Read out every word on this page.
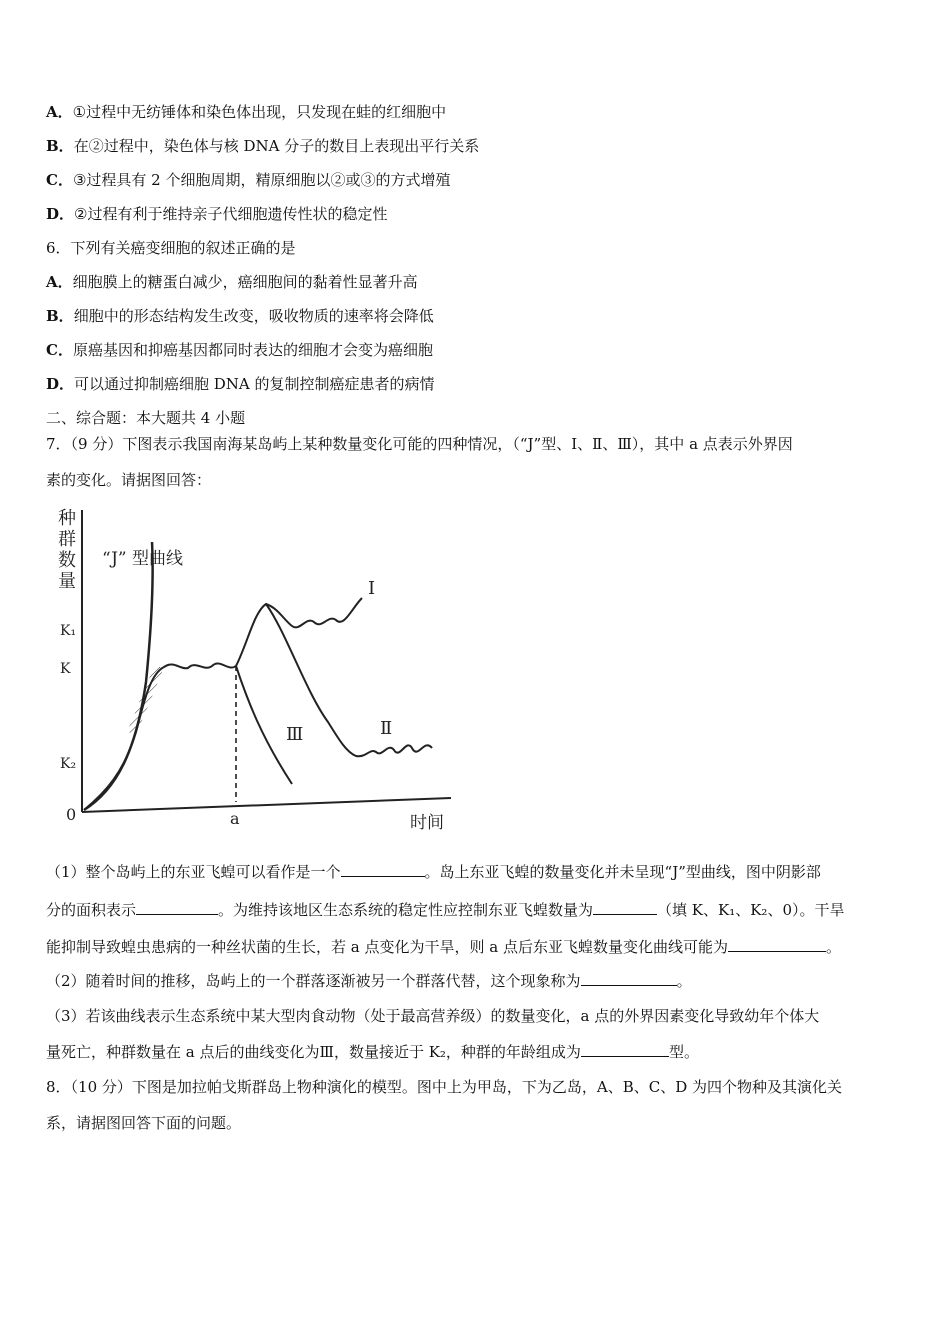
A．①过程中无纺锤体和染色体出现，只发现在蛙的红细胞中
B．在②过程中，染色体与核 DNA 分子的数目上表现出平行关系
C．③过程具有 2 个细胞周期，精原细胞以②或③的方式增殖
D．②过程有利于维持亲子代细胞遗传性状的稳定性
6．下列有关癌变细胞的叙述正确的是
A．细胞膜上的糖蛋白减少，癌细胞间的黏着性显著升高
B．细胞中的形态结构发生改变，吸收物质的速率将会降低
C．原癌基因和抑癌基因都同时表达的细胞才会变为癌细胞
D．可以通过抑制癌细胞 DNA 的复制控制癌症患者的病情
二、综合题：本大题共 4 小题
7．（9 分）下图表示我国南海某岛屿上某种数量变化可能的四种情况，（“J”型、Ⅰ、Ⅱ、Ⅲ），其中 a 点表示外界因
素的变化。请据图回答：
种
群
数
量
K₁
K
K₂
0
“J” 型曲线
a
Ⅰ
Ⅱ
Ⅲ
时间
（1）整个岛屿上的东亚飞蝗可以看作是一个	。岛上东亚飞蝗的数量变化并未呈现“J”型曲线，图中阴影部
分的面积表示	。为维持该地区生态系统的稳定性应控制东亚飞蝗数量为	（填 K、K₁、K₂、0）。干旱
能抑制导致蝗虫患病的一种丝状菌的生长，若 a 点变化为干旱，则 a 点后东亚飞蝗数量变化曲线可能为	。
（2）随着时间的推移，岛屿上的一个群落逐渐被另一个群落代替，这个现象称为	。
（3）若该曲线表示生态系统中某大型肉食动物（处于最高营养级）的数量变化，a 点的外界因素变化导致幼年个体大
量死亡，种群数量在 a 点后的曲线变化为Ⅲ，数量接近于 K₂，种群的年龄组成为	型。
8．（10 分）下图是加拉帕戈斯群岛上物种演化的模型。图中上为甲岛，下为乙岛，A、B、C、D 为四个物种及其演化关
系，请据图回答下面的问题。
